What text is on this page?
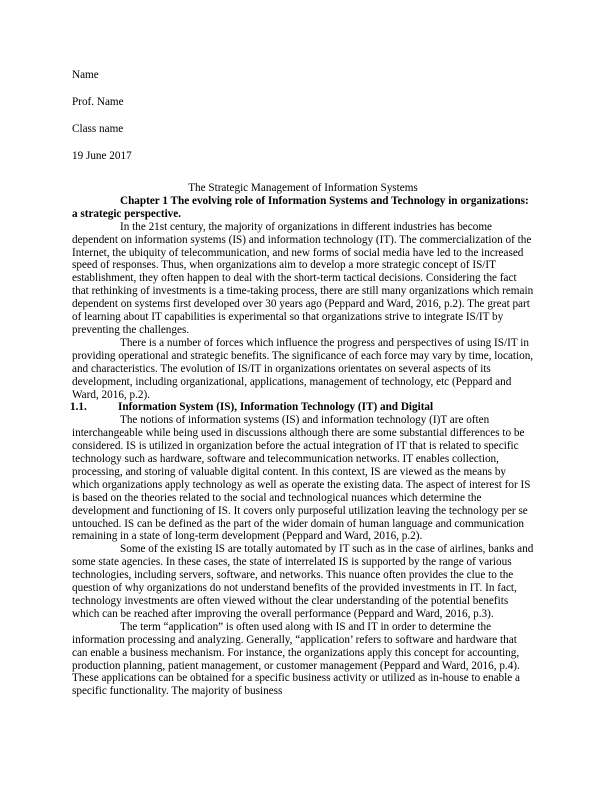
Name
Prof. Name
Class name
19 June 2017

The Strategic Management of Information Systems

Chapter 1 The evolving role of Information Systems and Technology in organizations: a strategic perspective.

In the 21st century, the majority of organizations in different industries has become dependent on information systems (IS) and information technology (IT). The commercialization of the Internet, the ubiquity of telecommunication, and new forms of social media have led to the increased speed of responses. Thus, when organizations aim to develop a more strategic concept of IS/IT establishment, they often happen to deal with the short-term tactical decisions. Considering the fact that rethinking of investments is a time-taking process, there are still many organizations which remain dependent on systems first developed over 30 years ago (Peppard and Ward, 2016, p.2). The great part of learning about IT capabilities is experimental so that organizations strive to integrate IS/IT by preventing the challenges.

There is a number of forces which influence the progress and perspectives of using IS/IT in providing operational and strategic benefits. The significance of each force may vary by time, location, and characteristics. The evolution of IS/IT in organizations orientates on several aspects of its development, including organizational, applications, management of technology, etc (Peppard and Ward, 2016, p.2).

1.1.	Information System (IS), Information Technology (IT) and Digital

The notions of information systems (IS) and information technology (I)T are often interchangeable while being used in discussions although there are some substantial differences to be considered. IS is utilized in organization before the actual integration of IT that is related to specific technology such as hardware, software and telecommunication networks. IT enables collection, processing, and storing of valuable digital content. In this context, IS are viewed as the means by which organizations apply technology as well as operate the existing data. The aspect of interest for IS is based on the theories related to the social and technological nuances which determine the development and functioning of IS. It covers only purposeful utilization leaving the technology per se untouched. IS can be defined as the part of the wider domain of human language and communication remaining in a state of long-term development (Peppard and Ward, 2016, p.2).

Some of the existing IS are totally automated by IT such as in the case of airlines, banks and some state agencies. In these cases, the state of interrelated IS is supported by the range of various technologies, including servers, software, and networks. This nuance often provides the clue to the question of why organizations do not understand benefits of the provided investments in IT. In fact, technology investments are often viewed without the clear understanding of the potential benefits which can be reached after improving the overall performance (Peppard and Ward, 2016, p.3).

The term “application” is often used along with IS and IT in order to determine the information processing and analyzing. Generally, “application’ refers to software and hardware that can enable a business mechanism. For instance, the organizations apply this concept for accounting, production planning, patient management, or customer management (Peppard and Ward, 2016, p.4). These applications can be obtained for a specific business activity or utilized as in-house to enable a specific functionality. The majority of business
